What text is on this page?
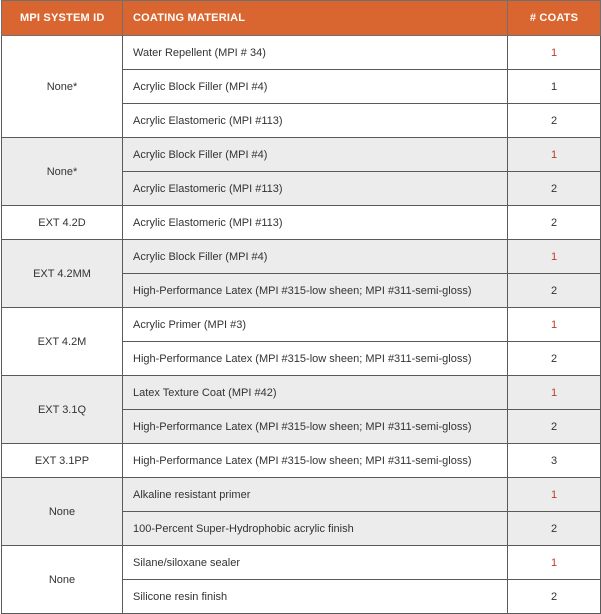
MPI SYSTEM ID	COATING MATERIAL	# COATS
None*	Water Repellent (MPI # 34)	1
	Acrylic Block Filler (MPI #4)	1
	Acrylic Elastomeric (MPI #113)	2
None*	Acrylic Block Filler (MPI #4)	1
	Acrylic Elastomeric (MPI #113)	2
EXT 4.2D	Acrylic Elastomeric (MPI #113)	2
EXT 4.2MM	Acrylic Block Filler (MPI #4)	1
	High-Performance Latex (MPI #315-low sheen; MPI #311-semi-gloss)	2
EXT 4.2M	Acrylic Primer (MPI #3)	1
	High-Performance Latex (MPI #315-low sheen; MPI #311-semi-gloss)	2
EXT 3.1Q	Latex Texture Coat (MPI #42)	1
	High-Performance Latex (MPI #315-low sheen; MPI #311-semi-gloss)	2
EXT 3.1PP	High-Performance Latex (MPI #315-low sheen; MPI #311-semi-gloss)	3
None	Alkaline resistant primer	1
	100-Percent Super-Hydrophobic acrylic finish	2
None	Silane/siloxane sealer	1
	Silicone resin finish	2
